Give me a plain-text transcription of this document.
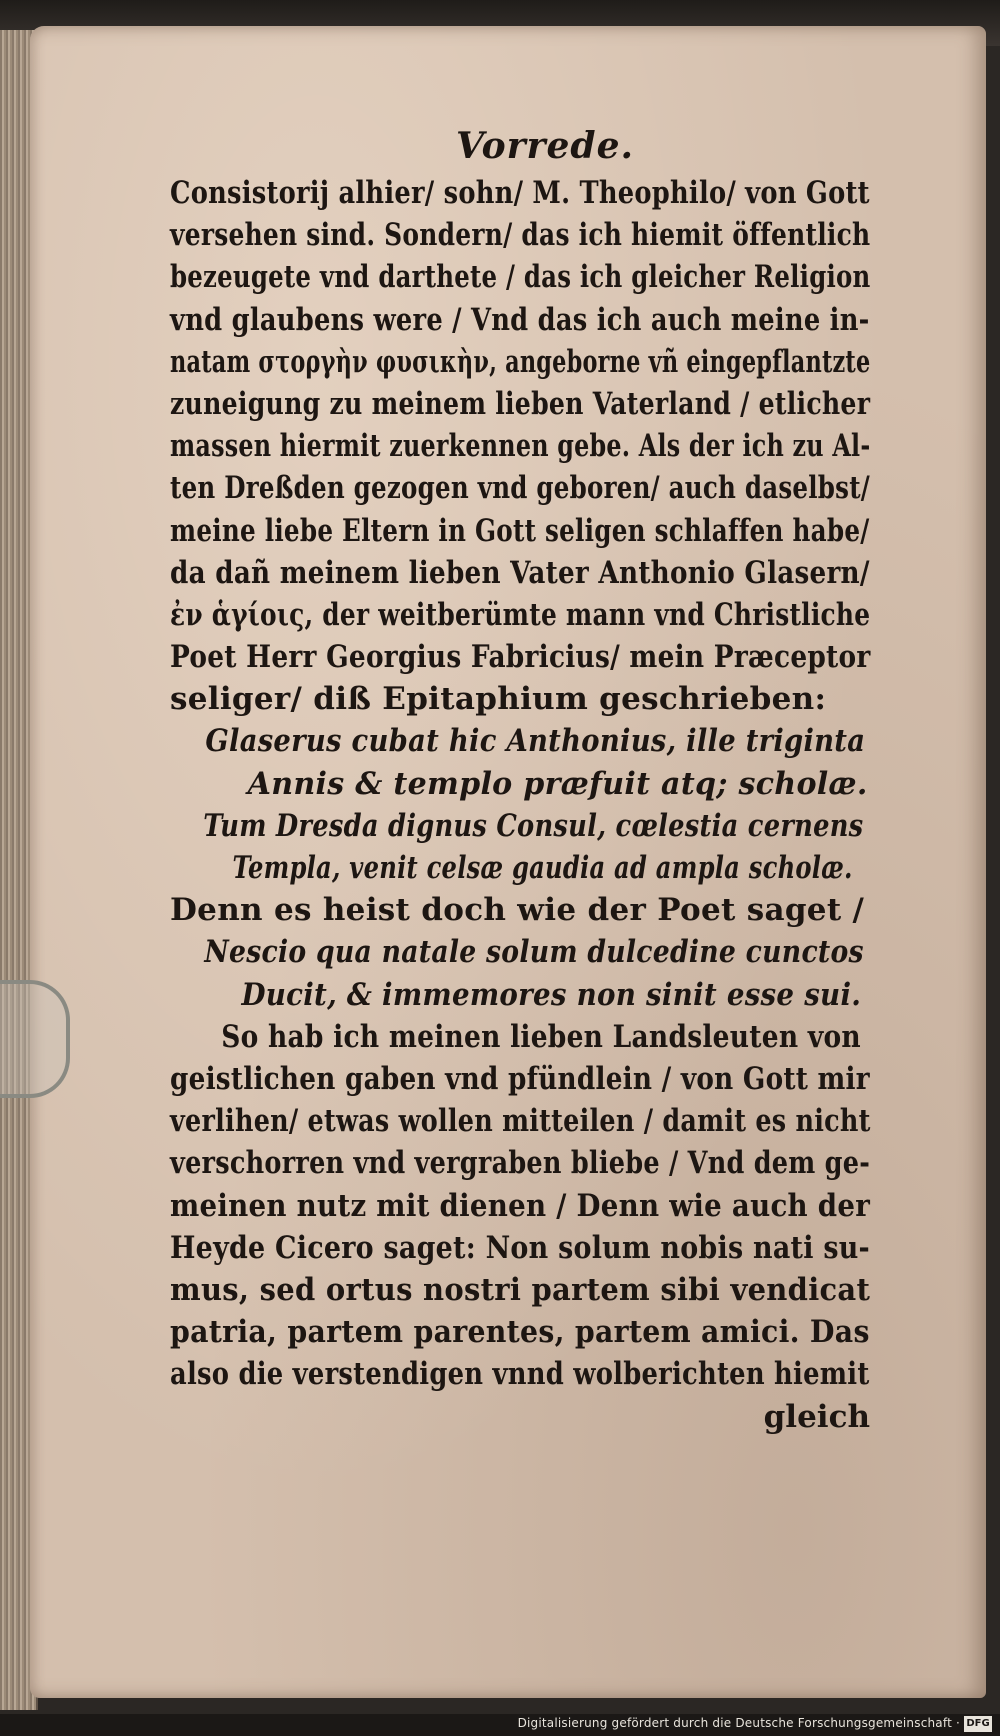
Vorrede.
Consistorij alhier/ sohn/ M. Theophilo/ von Gott
versehen sind. Sondern/ das ich hiemit öffentlich
bezeugete vnd darthete / das ich gleicher Religion
vnd glaubens were / Vnd das ich auch meine in-
natam στοργὴν φυσικὴν, angeborne vñ eingepflantzte
zuneigung zu meinem lieben Vaterland / etlicher
massen hiermit zuerkennen gebe. Als der ich zu Al-
ten Dreßden gezogen vnd geboren/ auch daselbst/
meine liebe Eltern in Gott seligen schlaffen habe/
da dañ meinem lieben Vater Anthonio Glasern/
ἐν ἁγίοις, der weitberümte mann vnd Christliche
Poet Herr Georgius Fabricius/ mein Præceptor
seliger/ diß Epitaphium geschrieben:
Glaserus cubat hic Anthonius, ille triginta
Annis & templo præfuit atq; scholæ.
Tum Dresda dignus Consul, cœlestia cernens
Templa, venit celsæ gaudia ad ampla scholæ.
Denn es heist doch wie der Poet saget /
Nescio qua natale solum dulcedine cunctos
Ducit, & immemores non sinit esse sui.
So hab ich meinen lieben Landsleuten von
geistlichen gaben vnd pfündlein / von Gott mir
verlihen/ etwas wollen mitteilen / damit es nicht
verschorren vnd vergraben bliebe / Vnd dem ge-
meinen nutz mit dienen / Denn wie auch der
Heyde Cicero saget: Non solum nobis nati su-
mus, sed ortus nostri partem sibi vendicat
patria, partem parentes, partem amici. Das
also die verstendigen vnnd wolberichten hiemit
gleich
Digitalisierung gefördert durch die Deutsche Forschungsgemeinschaft · DFG
